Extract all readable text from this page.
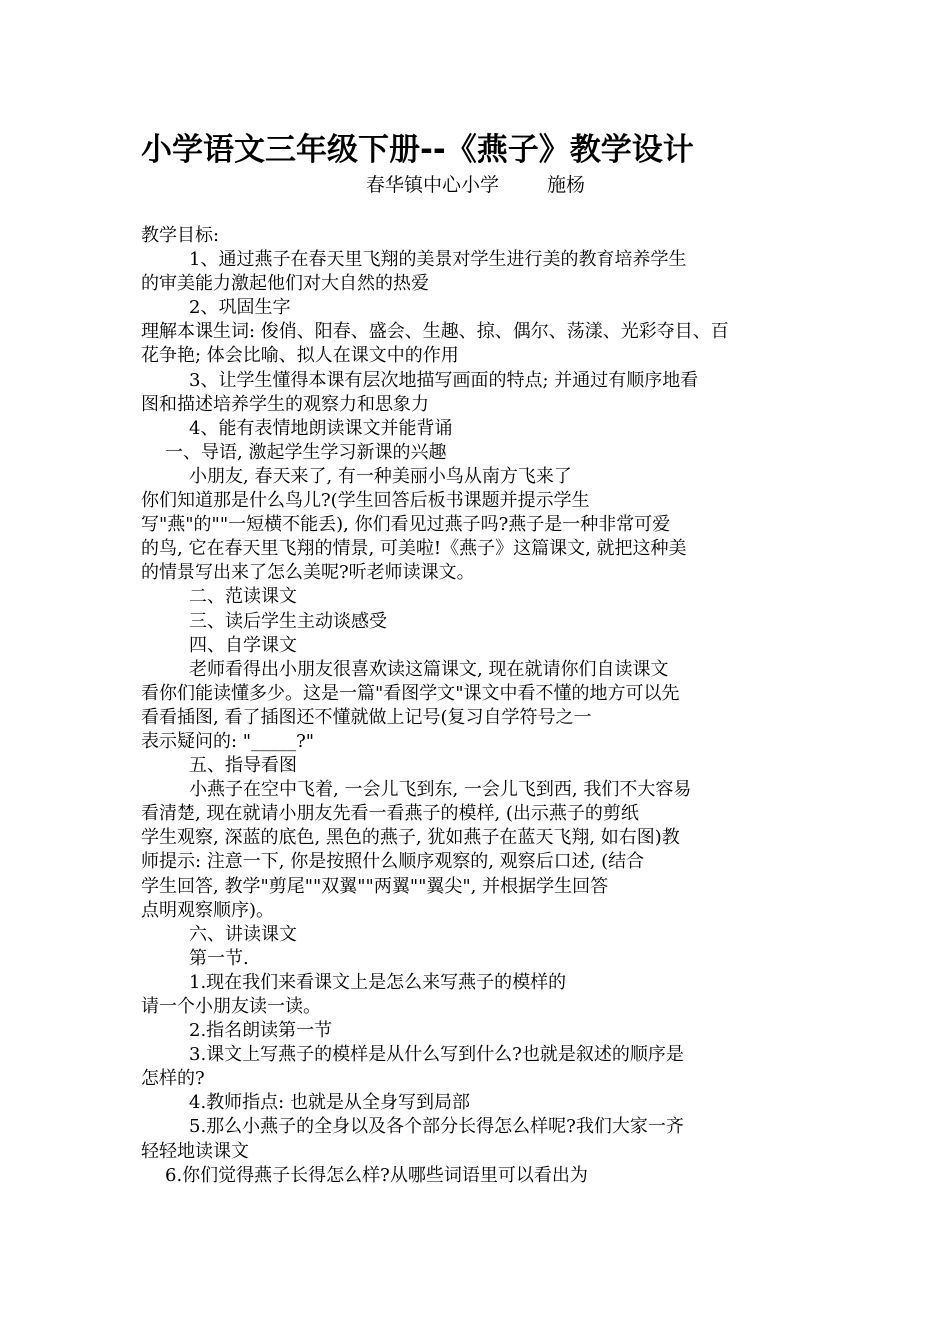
小学语文三年级下册--《燕子》教学设计
春华镇中心小学	施杨

教学目标:

1、通过燕子在春天里飞翔的美景对学生进行美的教育培养学生

的审美能力激起他们对大自然的热爱

2、巩固生字

理解本课生词: 俊俏、阳春、盛会、生趣、掠、偶尔、荡漾、光彩夺目、百

花争艳; 体会比喻、拟人在课文中的作用

3、让学生懂得本课有层次地描写画面的特点; 并通过有顺序地看

图和描述培养学生的观察力和思象力

4、能有表情地朗读课文并能背诵

一、导语, 激起学生学习新课的兴趣

小朋友, 春天来了, 有一种美丽小鸟从南方飞来了

你们知道那是什么鸟儿?(学生回答后板书课题并提示学生

写"燕"的""一短横不能丢), 你们看见过燕子吗?燕子是一种非常可爱

的鸟, 它在春天里飞翔的情景, 可美啦!《燕子》这篇课文, 就把这种美

的情景写出来了怎么美呢?听老师读课文。

二、范读课文

三、读后学生主动谈感受

四、自学课文

老师看得出小朋友很喜欢读这篇课文, 现在就请你们自读课文

看你们能读懂多少。这是一篇"看图学文"课文中看不懂的地方可以先

看看插图, 看了插图还不懂就做上记号(复习自学符号之一

表示疑问的: "_____?"

五、指导看图

小燕子在空中飞着, 一会儿飞到东, 一会儿飞到西, 我们不大容易

看清楚, 现在就请小朋友先看一看燕子的模样, (出示燕子的剪纸

学生观察, 深蓝的底色, 黑色的燕子, 犹如燕子在蓝天飞翔, 如右图)教

师提示: 注意一下, 你是按照什么顺序观察的, 观察后口述, (结合

学生回答, 教学"剪尾""双翼""两翼""翼尖", 并根据学生回答

点明观察顺序)。

六、讲读课文

第一节.

1.现在我们来看课文上是怎么来写燕子的模样的

请一个小朋友读一读。

2.指名朗读第一节

3.课文上写燕子的模样是从什么写到什么?也就是叙述的顺序是

怎样的?

4.教师指点: 也就是从全身写到局部

5.那么小燕子的全身以及各个部分长得怎么样呢?我们大家一齐

轻轻地读课文

6.你们觉得燕子长得怎么样?从哪些词语里可以看出为
